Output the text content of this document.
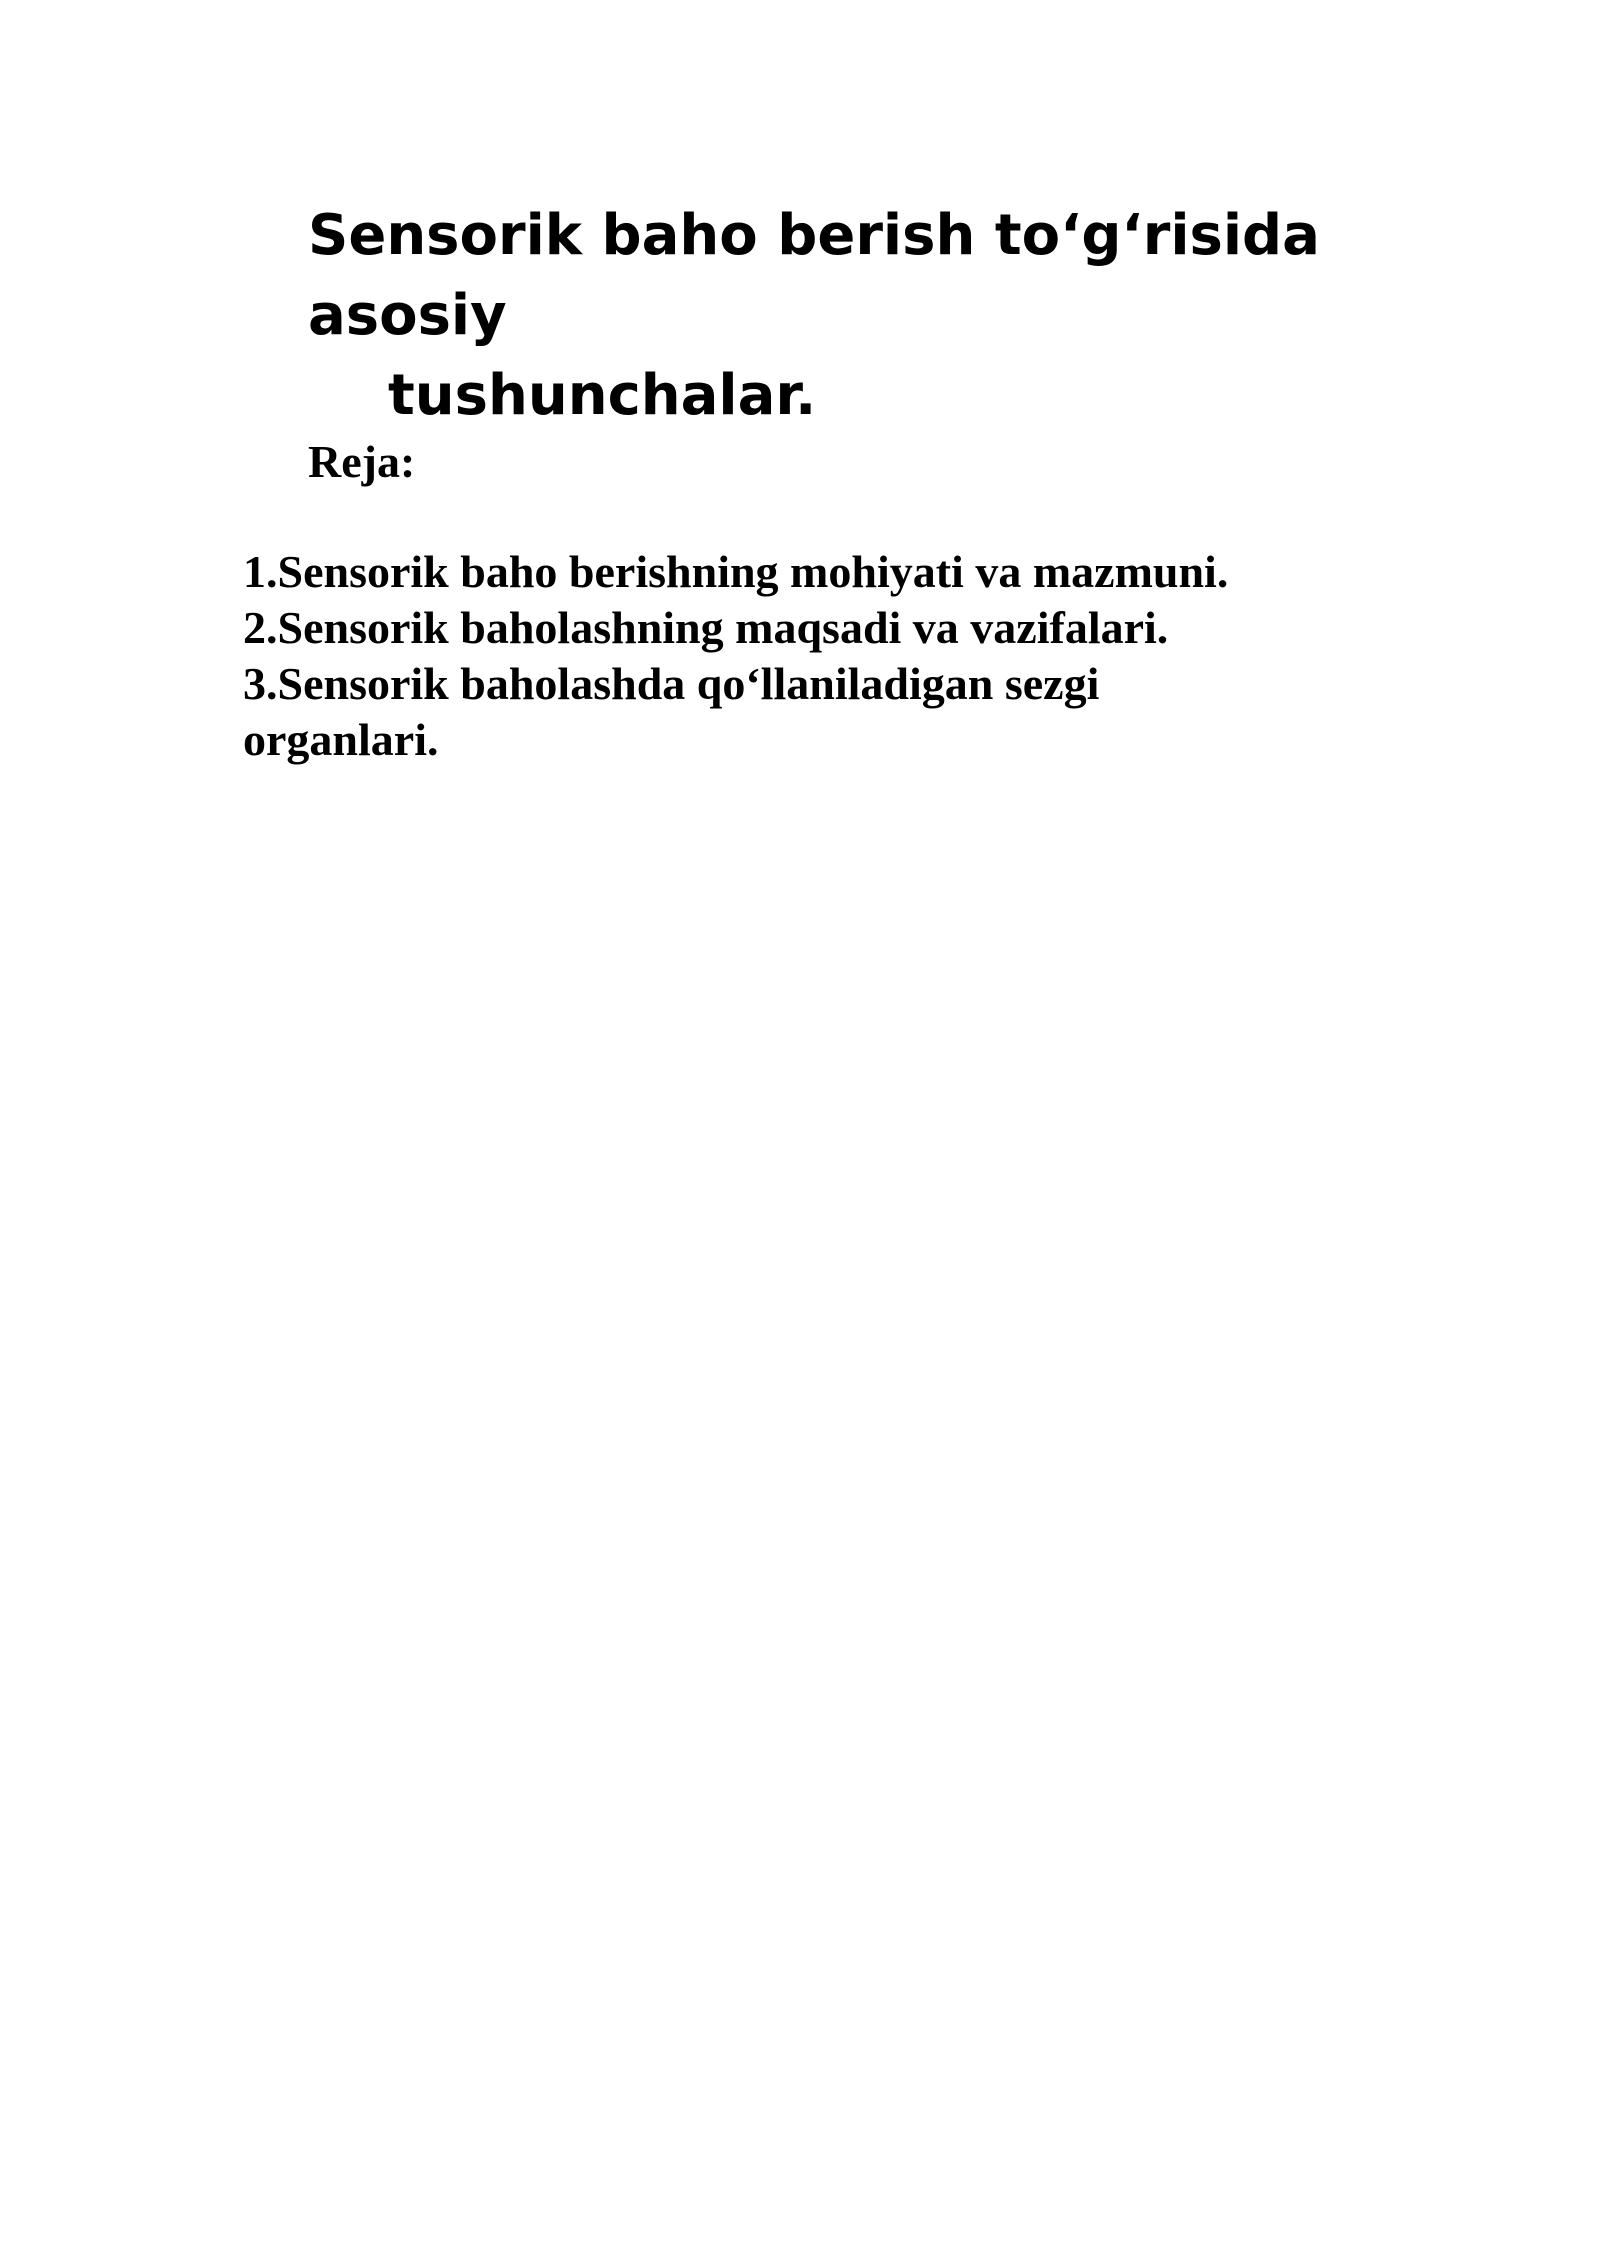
Sensorik baho berish to‘g‘risida asosiy
tushunchalar.
Reja:
1.Sensorik baho berishning mohiyati va mazmuni.
2.Sensorik baholashning maqsadi va vazifalari.
3.Sensorik baholashda qo‘llaniladigan sezgi organlari.
